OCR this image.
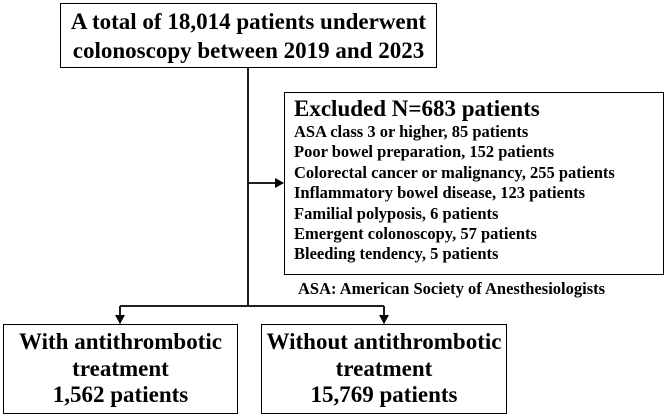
A total of 18,014 patients underwent
colonoscopy between 2019 and 2023
Excluded N=683 patients
ASA class 3 or higher, 85 patients
Poor bowel preparation, 152 patients
Colorectal cancer or malignancy, 255 patients
Inflammatory bowel disease, 123 patients
Familial polyposis, 6 patients
Emergent colonoscopy, 57 patients
Bleeding tendency, 5 patients
ASA: American Society of Anesthesiologists
With antithrombotic
treatment
1,562 patients
Without antithrombotic
treatment
15,769 patients
